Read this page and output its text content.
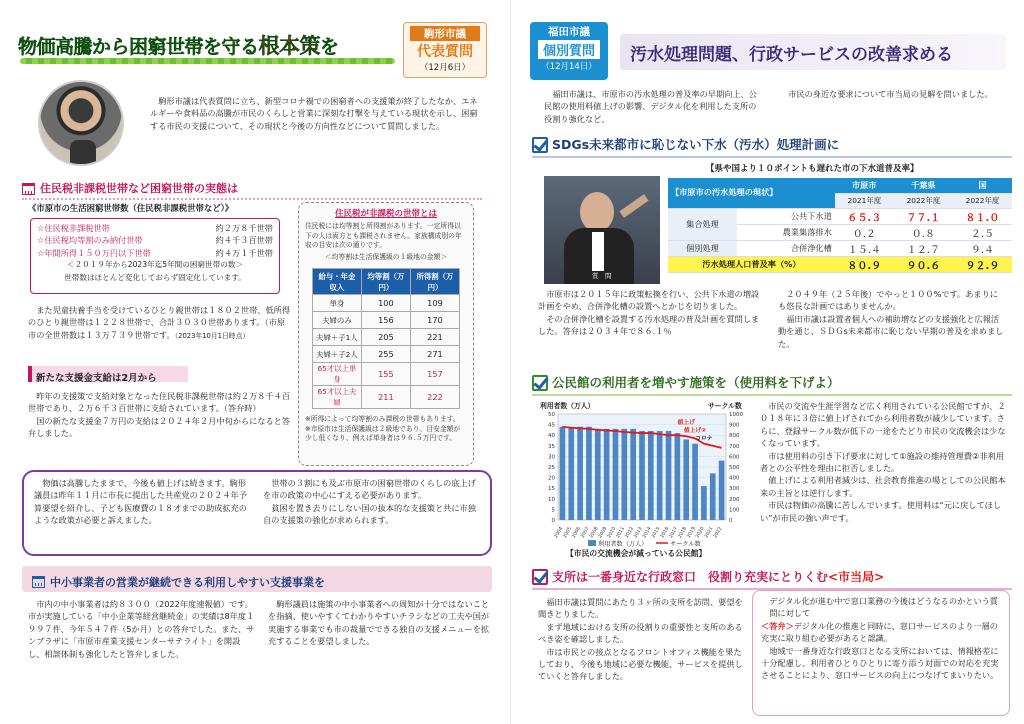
物価高騰から困窮世帯を守る根本策を
駒形市議
代表質問
（12月6日）

駒形市議は代表質問に立ち、新型コロナ禍での困窮者への支援策が終了したなか、エネルギーや食料品の高騰が市民のくらしと営業に深刻な打撃を与えている現状を示し、困窮する市民の支援について、その現状と今後の方向性などについて質問しました。

住民税非課税世帯など困窮世帯の実態は
《市原市の生活困窮世帯数（住民税非課税世帯など）》
☆住民税非課税世帯	約２万８千世帯
☆住民税均等割のみ納付世帯	約４千３百世帯
☆年間所得１５０万円以下世帯	約４万１千世帯
＜２０１９年から2023年迄5年間の困窮世帯の数＞
世帯数はほとんど変化しておらず固定化しています。

また児童扶養手当を受けているひとり親世帯は１８０２世帯、低所得のひとり親世帯は１２２８世帯で、合計３０３０世帯あります。（市原市の全世帯数は１３万７３９世帯です。（2023年10月1日時点）

新たな支援金支給は2月から

昨年の支援策で支給対象となった住民税非課税世帯は約２万８千４百世帯であり、２万６千３百世帯に支給されています。（答弁時）

国の新たな支援金７万円の支給は２０２４年２月中旬からになると答弁しました。

住民税が非課税の世帯とは
住民税には均等割と所得割があります。一定所得以下の人は両方とも課税されません。家族構成別の年収の目安は次の通りです。
＜均等割は生活保護級の１級地の金額＞
給与・年金収入	均等割（万円）	所得割（万円）
単身	100	109
夫婦のみ	156	170
夫婦＋子1人	205	221
夫婦＋子2人	255	271
65才以上単身	155	157
65才以上夫婦	211	222
※所得によって均等割のみ課税の世帯もあります。
※市原市は生活保護級は２級地であり、目安金額が少し低くなり、例えば単身者は９６.５万円です。

物価は高騰したままで、今後も値上げは続きます。駒形議員は昨年１１月に市長に提出した共産党の２０２４年予算要望を紹介し、子ども医療費の１８才までの助成拡充のような政策が必要と訴えました。

世帯の３割にも及ぶ市原市の困窮世帯のくらしの底上げを市の政策の中心にすえる必要があります。
　貧困を置き去りにしない国の抜本的な支援策と共に市独自の支援策の強化が求められます。

中小事業者の営業が継続できる利用しやすい支援事業を

市内の中小事業者は約８３００（2022年度速報値）です。市が実施している「中小企業等経営継続金」の実績は8年度１９９７件、今年５４７件（5か月）との答弁でした。また、サンプラザに「市原市産業支援センターサテライト」を開設し、相談体制も強化したと答弁しました。

駒形議員は施策の中小事業者への周知が十分ではないことを指摘、使いやすくてわかりやすいチラシなどの工夫や国が実施する事業でも市の裁量でできる独自の支援メニューを拡充することを要望しました。

福田市議
個別質問
（12月14日）
汚水処理問題、行政サービスの改善求める

福田市議は、市原市の汚水処理の普及率の早期向上、公民館の使用料値上げの影響、デジタル化を利用した支所の役割り強化など、

市民の身近な要求について市当局の見解を問いました。

SDGs未来都市に恥じない下水（汚水）処理計画に
【県や国より１０ポイントも遅れた市の下水道普及率】
質　問
【市原市の汚水処理の現状】		市原市	千葉県	国
		2021年度	2022年度	2022年度
集合処理	公共下水道	６５.３	７７.１	８１.０
	農業集落排水	０.２	０.８	２.５
個別処理	合併浄化槽	１５.４	１２.７	９.４
汚水処理人口普及率（%）		８０.９	９０.６	９２.９

市原市は２０１５年に政策転換を行い、公共下水道の増設計画をやめ、合併浄化槽の設置へとかじを切りました。
　その合併浄化槽を設置する汚水処理の普及計画を質問しました。答弁は２０３４年で８６.１％

２０４９年（２５年後）でやっと１００%です。あまりにも悠長な計画ではありませんか。
　福田市議は設置者個人への補助増などの支援強化と広報活動を通じ、ＳＤＧs未来都市に恥じない早期の普及を求めました。

公民館の利用者を増やす施策を（使用料を下げよ）
利用者数（万人）	サークル数
0	0
5	100
10	200
15	300
20	400
25	500
30	600
35	700
40	800
45	900
50	1000
2004
2005
2006
2007
2008
2009
2010
2011
2012
2013
2014
2015
2016
2017
2018
2019
2020
2021
2022
値上げ
値上げ②
コロナ
利用者数（万人）	サークル数
【市民の交流機会が減っている公民館】

市民の交流や生涯学習など広く利用されている公民館ですが、２０１８年に３倍に値上げされてから利用者数が減少しています。さらに、登録サークル数が低下の一途をたどり市民の交流機会は少なくなっています。
　市は使用料の引き下げ要求に対して①施設の維持管理費②非利用者との公平性を理由に拒否しました。
　値上げによる利用者減少は、社会教育推進の場としての公民館本来の主旨とは逆行します。
　市民は物価の高騰に苦しんでいます。使用料は“元に戻してほしい”が市民の強い声です。

支所は一番身近な行政窓口　役割り充実にとりくむ<市当局>

福田市議は質問にあたり３ヶ所の支所を訪問、要望を聞きとりました。
　まず地域における支所の役割りの重要性と支所のあるべき姿を確認しました。
　市は市民との接点となるフロントオフィス機能を果たしており、今後も地域に必要な機能、サービスを提供していくと答弁しました。

デジタル化が進む中で窓口業務の今後はどうなるのかという質問に対して
＜答弁＞デジタル化の推進と同時に、窓口サービスのより一層の充実に取り組む必要があると認識。
　地域で一番身近な行政窓口となる支所においては、情報格差に十分配慮し、利用者ひとりひとりに寄り添う対面での対応を充実させることにより、窓口サービスの向上につなげてまいりたい。
